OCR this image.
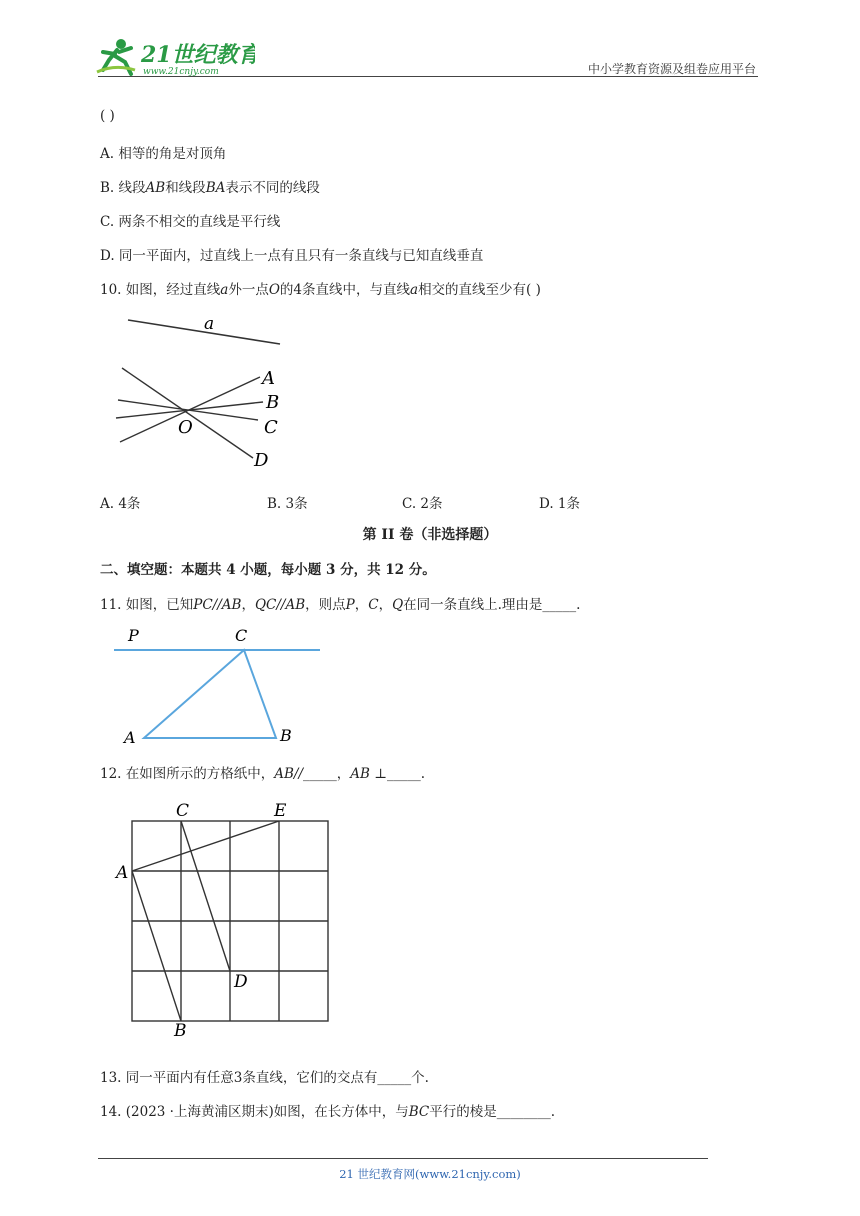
21世纪教育
www.21cnjy.com	中小学教育资源及组卷应用平台
( )
A. 相等的角是对顶角
B. 线段AB和线段BA表示不同的线段
C. 两条不相交的直线是平行线
D. 同一平面内，过直线上一点有且只有一条直线与已知直线垂直
10. 如图，经过直线a外一点O的4条直线中，与直线a相交的直线至少有( )
a
A
B
C
D
O
A. 4条	B. 3条	C. 2条	D. 1条
第 II 卷（非选择题）
二、填空题：本题共 4 小题，每小题 3 分，共 12 分。
11. 如图，已知PC//AB，QC//AB，则点P，C，Q在同一条直线上.理由是_____.
P	C
A	B
12. 在如图所示的方格纸中，AB//_____，AB ⊥_____.
A
B
C
D
E
13. 同一平面内有任意3条直线，它们的交点有_____个.
14. (2023 ·上海黄浦区期末)如图，在长方体中，与BC平行的棱是________.
21 世纪教育网(www.21cnjy.com)
